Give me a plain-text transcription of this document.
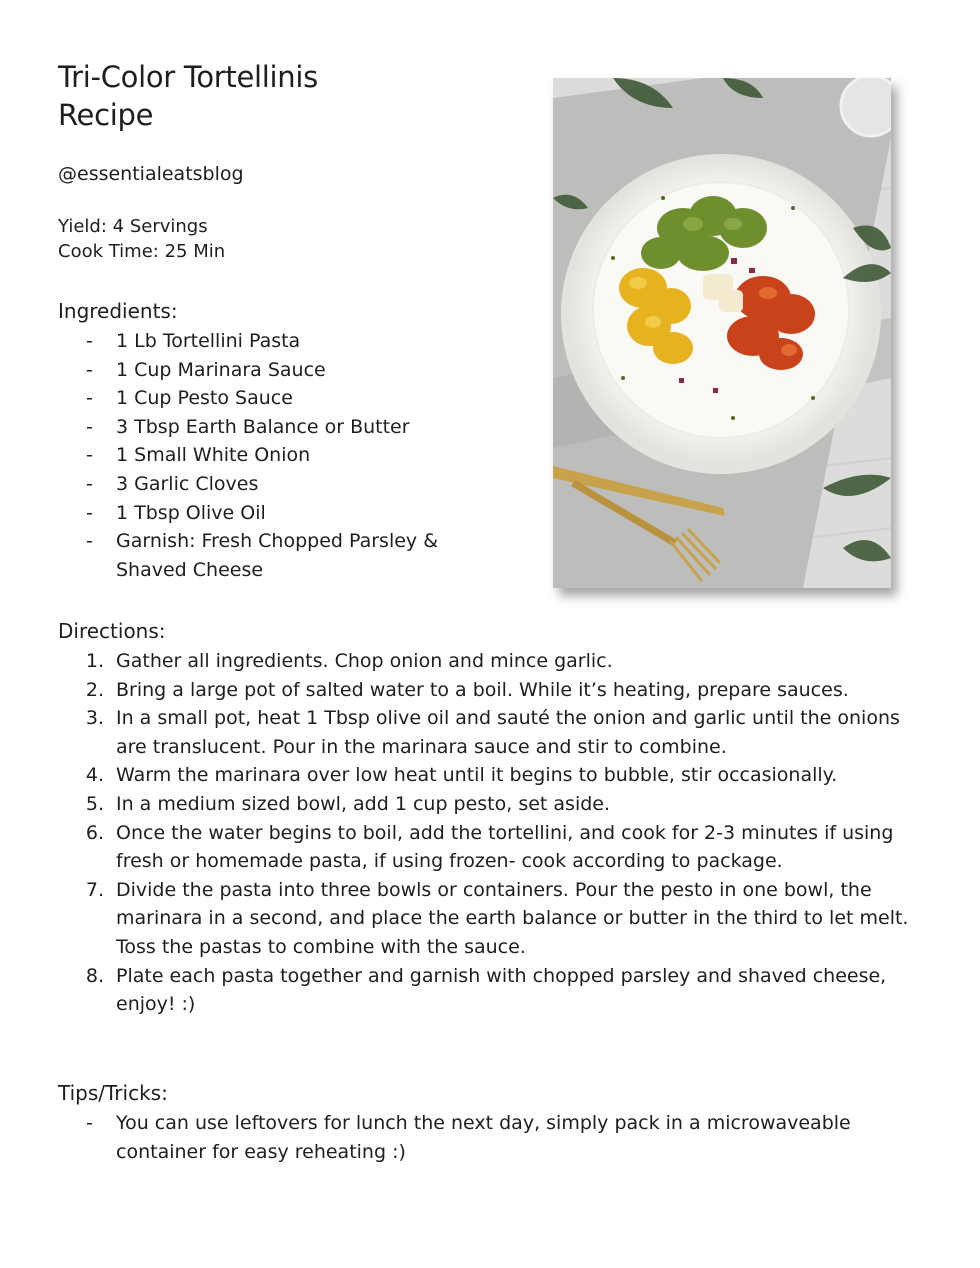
Tri-Color Tortellinis
Recipe
@essentialeatsblog
Yield: 4 Servings
Cook Time: 25 Min
Ingredients:
-	1 Lb Tortellini Pasta
-	1 Cup Marinara Sauce
-	1 Cup Pesto Sauce
-	3 Tbsp Earth Balance or Butter
-	1 Small White Onion
-	3 Garlic Cloves
-	1 Tbsp Olive Oil
-	Garnish: Fresh Chopped Parsley & Shaved Cheese
Directions:
1. Gather all ingredients. Chop onion and mince garlic.
2. Bring a large pot of salted water to a boil. While it’s heating, prepare sauces.
3. In a small pot, heat 1 Tbsp olive oil and sauté the onion and garlic until the onions are translucent. Pour in the marinara sauce and stir to combine.
4. Warm the marinara over low heat until it begins to bubble, stir occasionally.
5. In a medium sized bowl, add 1 cup pesto, set aside.
6. Once the water begins to boil, add the tortellini, and cook for 2-3 minutes if using fresh or homemade pasta, if using frozen- cook according to package.
7. Divide the pasta into three bowls or containers. Pour the pesto in one bowl, the marinara in a second, and place the earth balance or butter in the third to let melt. Toss the pastas to combine with the sauce.
8. Plate each pasta together and garnish with chopped parsley and shaved cheese, enjoy! :)
Tips/Tricks:
-	You can use leftovers for lunch the next day, simply pack in a microwaveable container for easy reheating :)
